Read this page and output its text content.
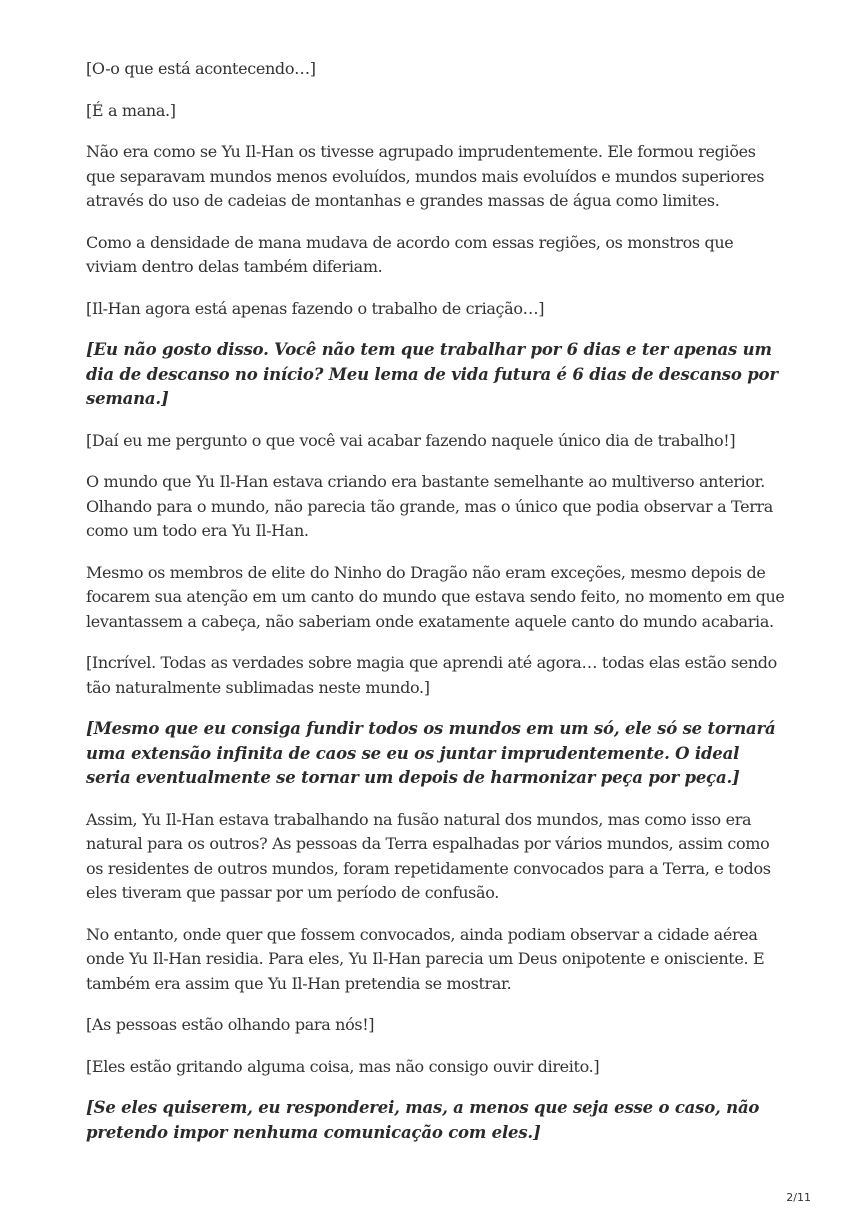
[O-o que está acontecendo…]

[É a mana.]

Não era como se Yu Il-Han os tivesse agrupado imprudentemente. Ele formou regiões que separavam mundos menos evoluídos, mundos mais evoluídos e mundos superiores através do uso de cadeias de montanhas e grandes massas de água como limites.

Como a densidade de mana mudava de acordo com essas regiões, os monstros que viviam dentro delas também diferiam.

[Il-Han agora está apenas fazendo o trabalho de criação…]

[Eu não gosto disso. Você não tem que trabalhar por 6 dias e ter apenas um dia de descanso no início? Meu lema de vida futura é 6 dias de descanso por semana.]

[Daí eu me pergunto o que você vai acabar fazendo naquele único dia de trabalho!]

O mundo que Yu Il-Han estava criando era bastante semelhante ao multiverso anterior. Olhando para o mundo, não parecia tão grande, mas o único que podia observar a Terra como um todo era Yu Il-Han.

Mesmo os membros de elite do Ninho do Dragão não eram exceções, mesmo depois de focarem sua atenção em um canto do mundo que estava sendo feito, no momento em que levantassem a cabeça, não saberiam onde exatamente aquele canto do mundo acabaria.

[Incrível. Todas as verdades sobre magia que aprendi até agora… todas elas estão sendo tão naturalmente sublimadas neste mundo.]

[Mesmo que eu consiga fundir todos os mundos em um só, ele só se tornará uma extensão infinita de caos se eu os juntar imprudentemente. O ideal seria eventualmente se tornar um depois de harmonizar peça por peça.]

Assim, Yu Il-Han estava trabalhando na fusão natural dos mundos, mas como isso era natural para os outros? As pessoas da Terra espalhadas por vários mundos, assim como os residentes de outros mundos, foram repetidamente convocados para a Terra, e todos eles tiveram que passar por um período de confusão.

No entanto, onde quer que fossem convocados, ainda podiam observar a cidade aérea onde Yu Il-Han residia. Para eles, Yu Il-Han parecia um Deus onipotente e onisciente. E também era assim que Yu Il-Han pretendia se mostrar.

[As pessoas estão olhando para nós!]

[Eles estão gritando alguma coisa, mas não consigo ouvir direito.]

[Se eles quiserem, eu responderei, mas, a menos que seja esse o caso, não pretendo impor nenhuma comunicação com eles.]

2/11
